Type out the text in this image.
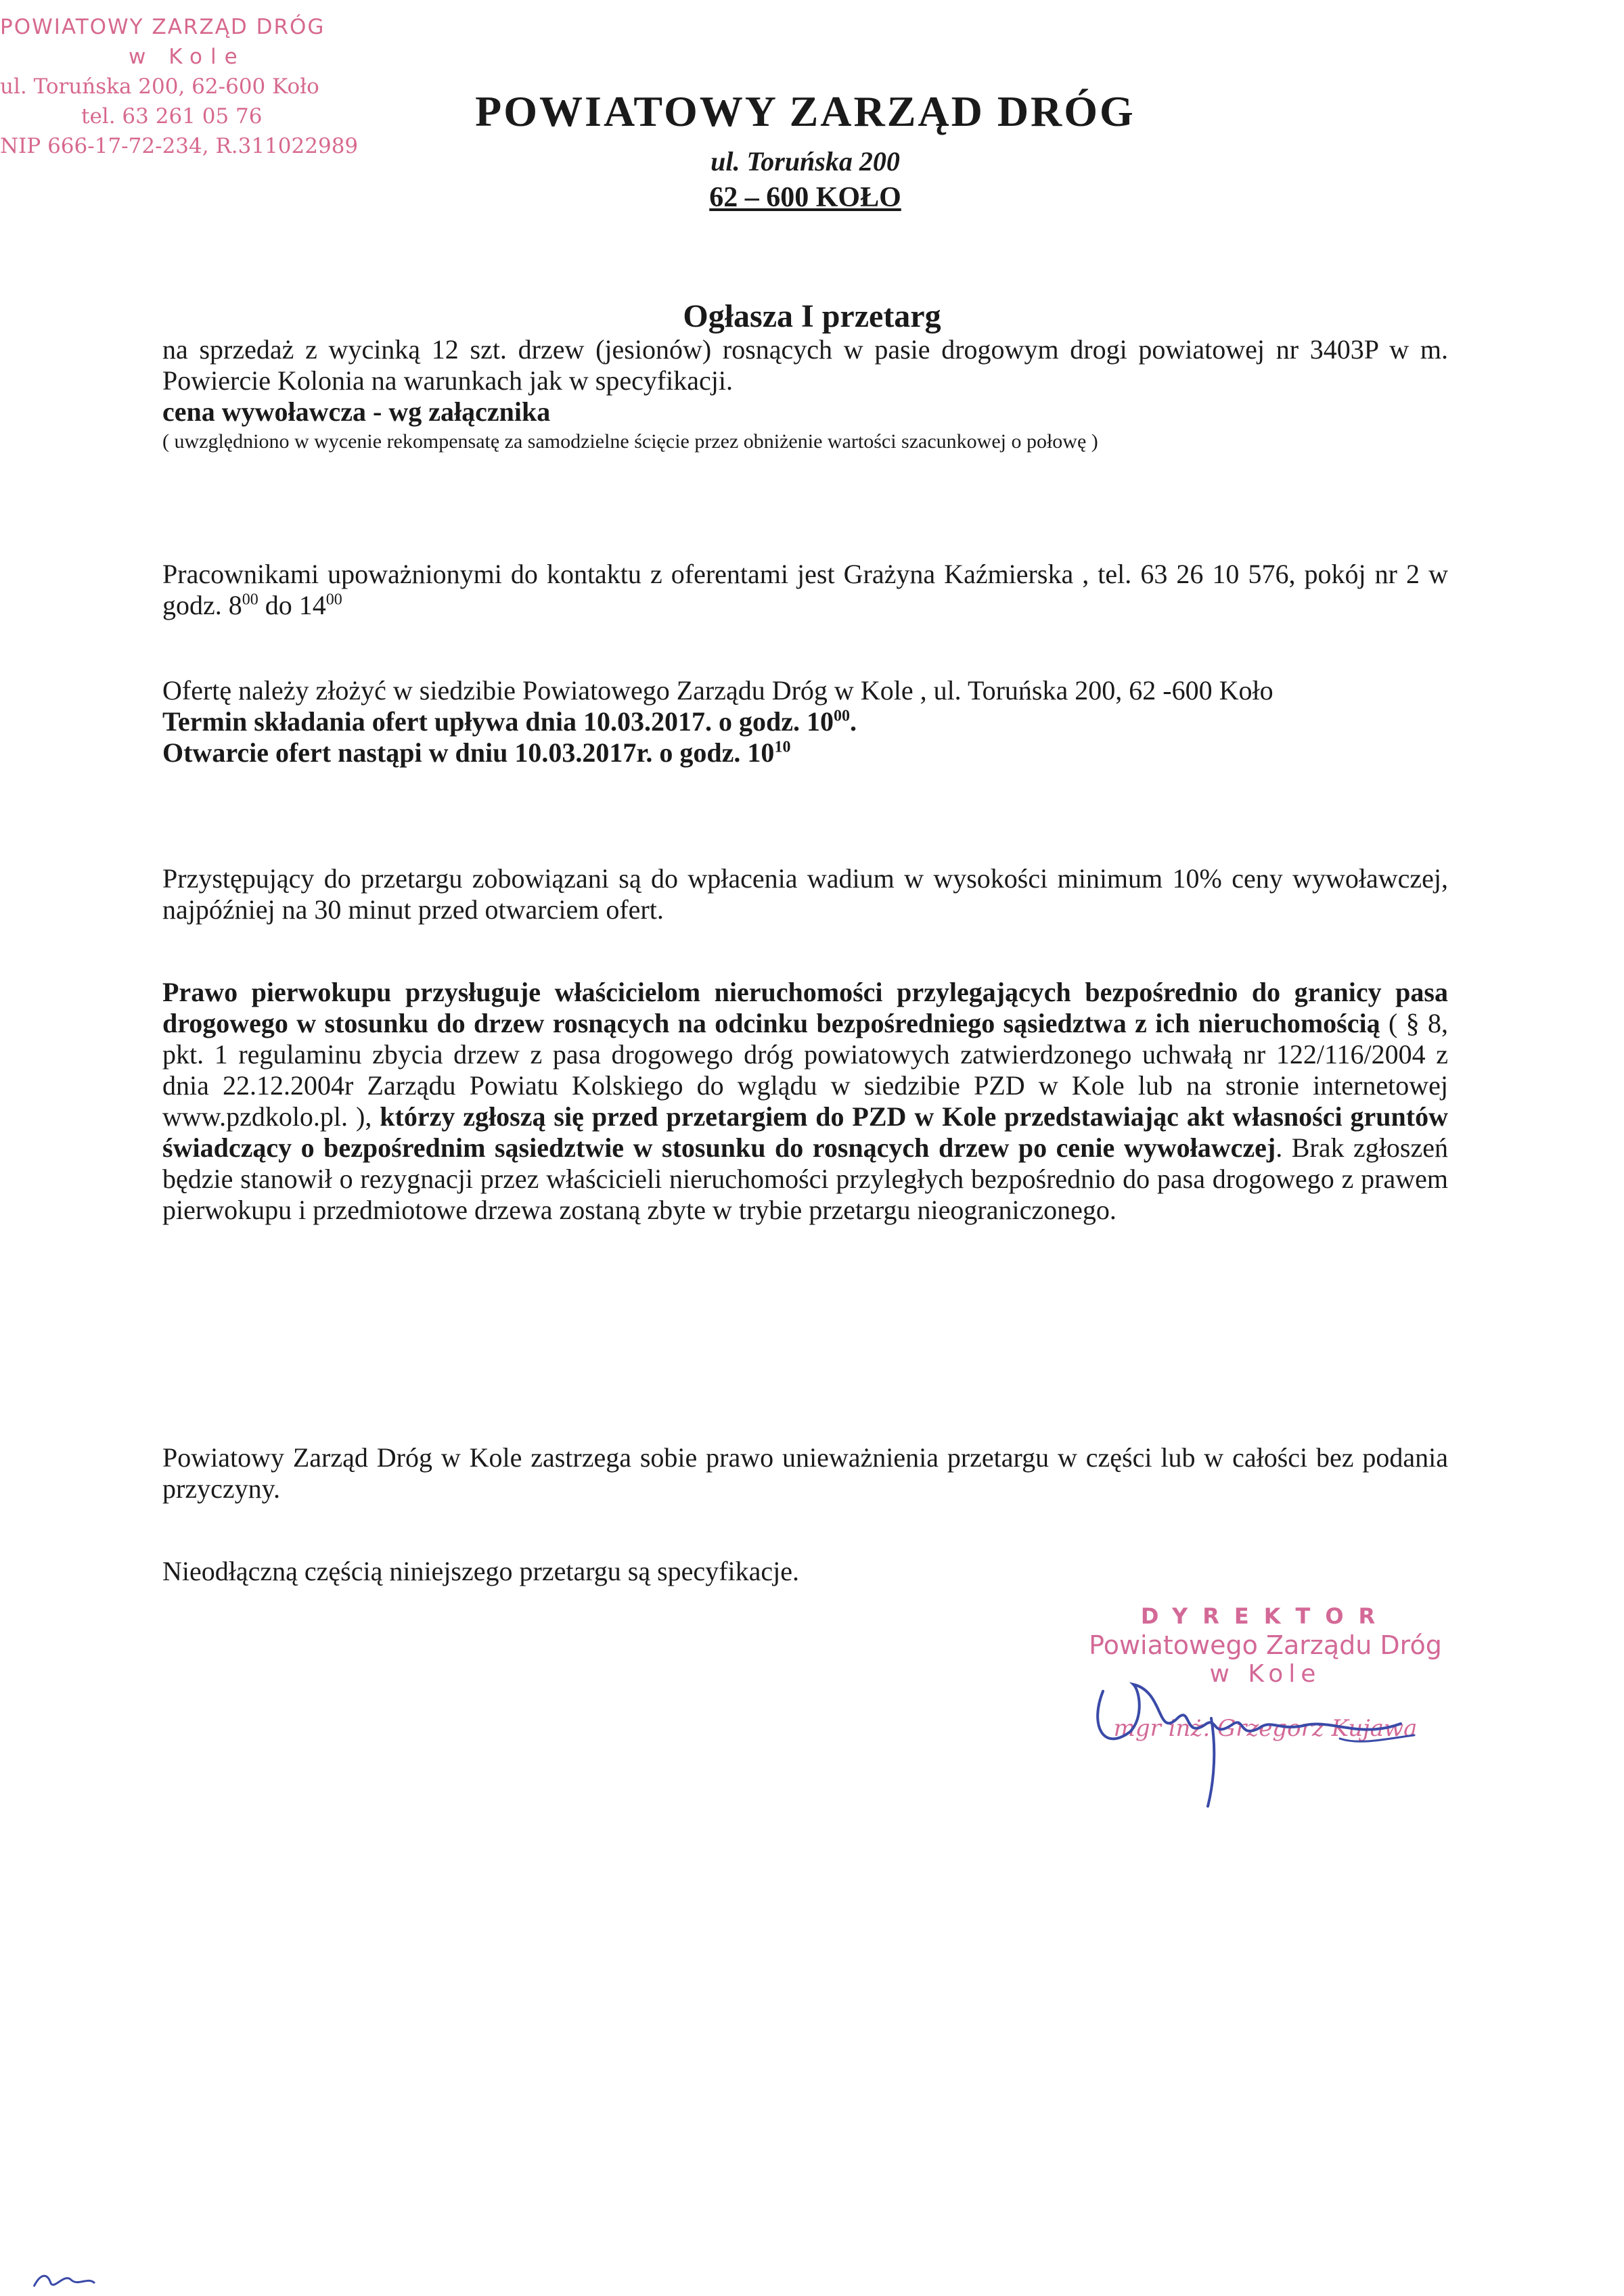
POWIATOWY ZARZĄD DRÓG
w Kole
ul. Toruńska 200, 62-600 Koło
tel. 63 261 05 76
NIP 666-17-72-234, R.311022989
POWIATOWY ZARZĄD DRÓG
ul. Toruńska 200
62 – 600 KOŁO
Ogłasza I przetarg

na sprzedaż z wycinką 12 szt. drzew (jesionów) rosnących w pasie drogowym drogi powiatowej nr 3403P w m. Powiercie Kolonia na warunkach jak w specyfikacji.

cena wywoławcza - wg załącznika

( uwzględniono w wycenie rekompensatę za samodzielne ścięcie przez obniżenie wartości szacunkowej o połowę )

Pracownikami upoważnionymi do kontaktu z oferentami jest Grażyna Kaźmierska , tel. 63 26 10 576, pokój nr 2 w godz. $8^{00}$ do $14^{00}$

Ofertę należy złożyć w siedzibie Powiatowego Zarządu Dróg w Kole , ul. Toruńska 200, 62 -600 Koło

Termin składania ofert upływa dnia 10.03.2017. o godz. $10^{00}$.

Otwarcie ofert nastąpi w dniu 10.03.2017r. o godz. $10^{10}$

Przystępujący do przetargu zobowiązani są do wpłacenia wadium w wysokości minimum 10% ceny wywoławczej, najpóźniej na 30 minut przed otwarciem ofert.

Prawo pierwokupu przysługuje właścicielom nieruchomości przylegających bezpośrednio do granicy pasa drogowego w stosunku do drzew rosnących na odcinku bezpośredniego sąsiedztwa z ich nieruchomością ( § 8, pkt. 1 regulaminu zbycia drzew z pasa drogowego dróg powiatowych zatwierdzonego uchwałą nr 122/116/2004 z dnia 22.12.2004r Zarządu Powiatu Kolskiego do wglądu w siedzibie PZD w Kole lub na stronie internetowej www.pzdkolo.pl. ), którzy zgłoszą się przed przetargiem do PZD w Kole przedstawiając akt własności gruntów świadczący o bezpośrednim sąsiedztwie w stosunku do rosnących drzew po cenie wywoławczej. Brak zgłoszeń będzie stanowił o rezygnacji przez właścicieli nieruchomości przyległych bezpośrednio do pasa drogowego z prawem pierwokupu i przedmiotowe drzewa zostaną zbyte w trybie przetargu nieograniczonego.

Powiatowy Zarząd Dróg w Kole zastrzega sobie prawo unieważnienia przetargu w części lub w całości bez podania przyczyny.

Nieodłączną częścią niniejszego przetargu są specyfikacje.

DYREKTOR
Powiatowego Zarządu Dróg
w Kole
mgr inż. Grzegorz Kujawa
